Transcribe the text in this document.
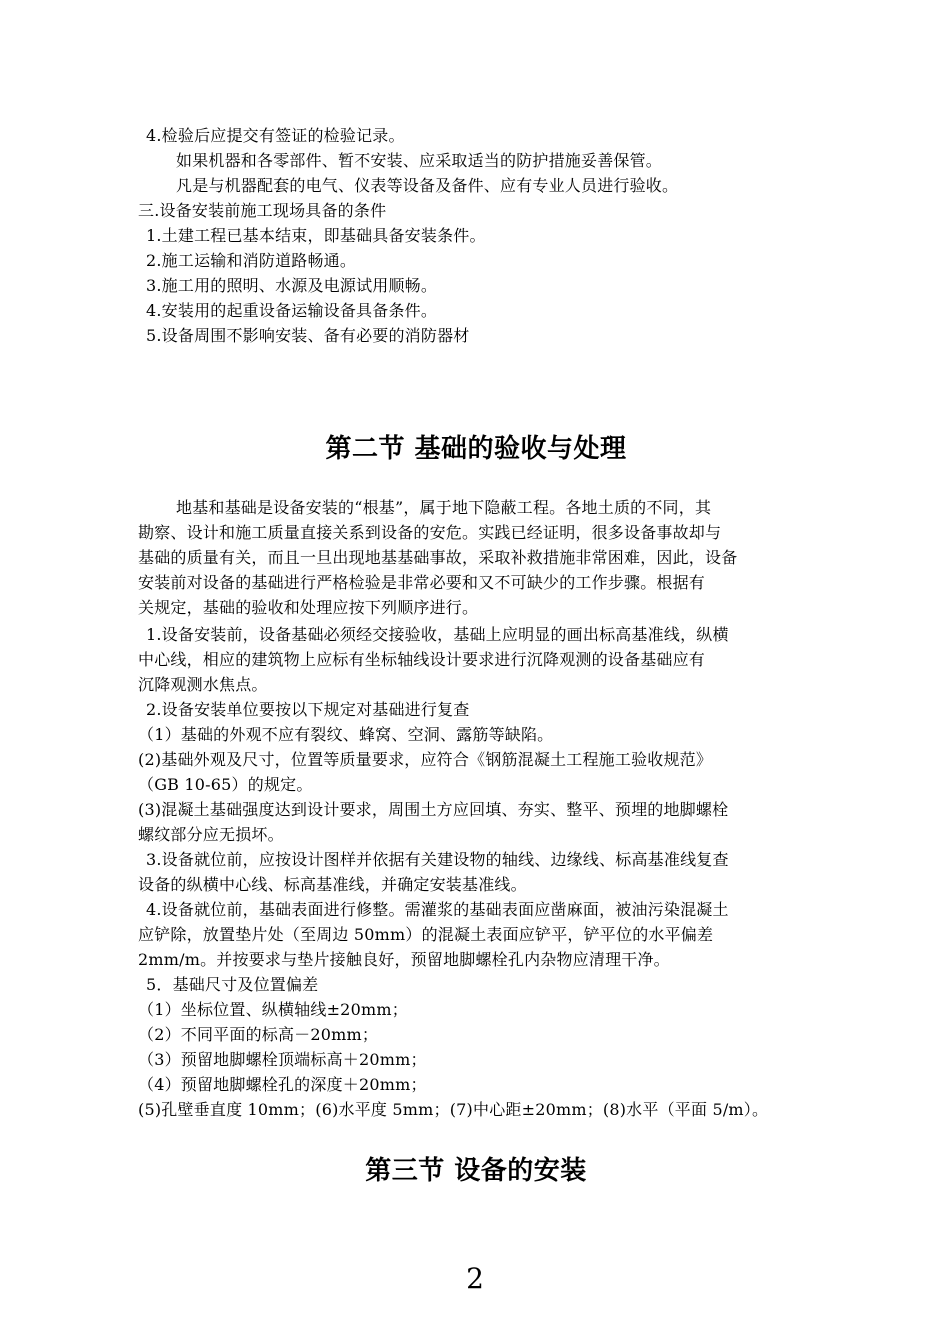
4.检验后应提交有签证的检验记录。
如果机器和各零部件、暂不安装、应采取适当的防护措施妥善保管。
凡是与机器配套的电气、仪表等设备及备件、应有专业人员进行验收。
三.设备安装前施工现场具备的条件
1.土建工程已基本结束，即基础具备安装条件。
2.施工运输和消防道路畅通。
3.施工用的照明、水源及电源试用顺畅。
4.安装用的起重设备运输设备具备条件。
5.设备周围不影响安装、备有必要的消防器材
第二节 基础的验收与处理
地基和基础是设备安装的“根基”，属于地下隐蔽工程。各地土质的不同，其
勘察、设计和施工质量直接关系到设备的安危。实践已经证明，很多设备事故却与
基础的质量有关，而且一旦出现地基基础事故，采取补救措施非常困难，因此，设备
安装前对设备的基础进行严格检验是非常必要和又不可缺少的工作步骤。根据有
关规定，基础的验收和处理应按下列顺序进行。
1.设备安装前，设备基础必须经交接验收，基础上应明显的画出标高基准线，纵横
中心线，相应的建筑物上应标有坐标轴线设计要求进行沉降观测的设备基础应有
沉降观测水焦点。
2.设备安装单位要按以下规定对基础进行复查
（1）基础的外观不应有裂纹、蜂窝、空洞、露筋等缺陷。
(2)基础外观及尺寸，位置等质量要求，应符合《钢筋混凝土工程施工验收规范》
（GB 10-65）的规定。
(3)混凝土基础强度达到设计要求，周围土方应回填、夯实、整平、预埋的地脚螺栓
螺纹部分应无损坏。
3.设备就位前，应按设计图样并依据有关建设物的轴线、边缘线、标高基准线复查
设备的纵横中心线、标高基准线，并确定安装基准线。
4.设备就位前，基础表面进行修整。需灌浆的基础表面应凿麻面，被油污染混凝土
应铲除，放置垫片处（至周边 50mm）的混凝土表面应铲平，铲平位的水平偏差
2mm/m。并按要求与垫片接触良好，预留地脚螺栓孔内杂物应清理干净。
5．基础尺寸及位置偏差
（1）坐标位置、纵横轴线±20mm；
（2）不同平面的标高－20mm；
（3）预留地脚螺栓顶端标高＋20mm；
（4）预留地脚螺栓孔的深度＋20mm；
(5)孔壁垂直度 10mm；(6)水平度 5mm；(7)中心距±20mm；(8)水平（平面 5/m）。
第三节 设备的安装
2
